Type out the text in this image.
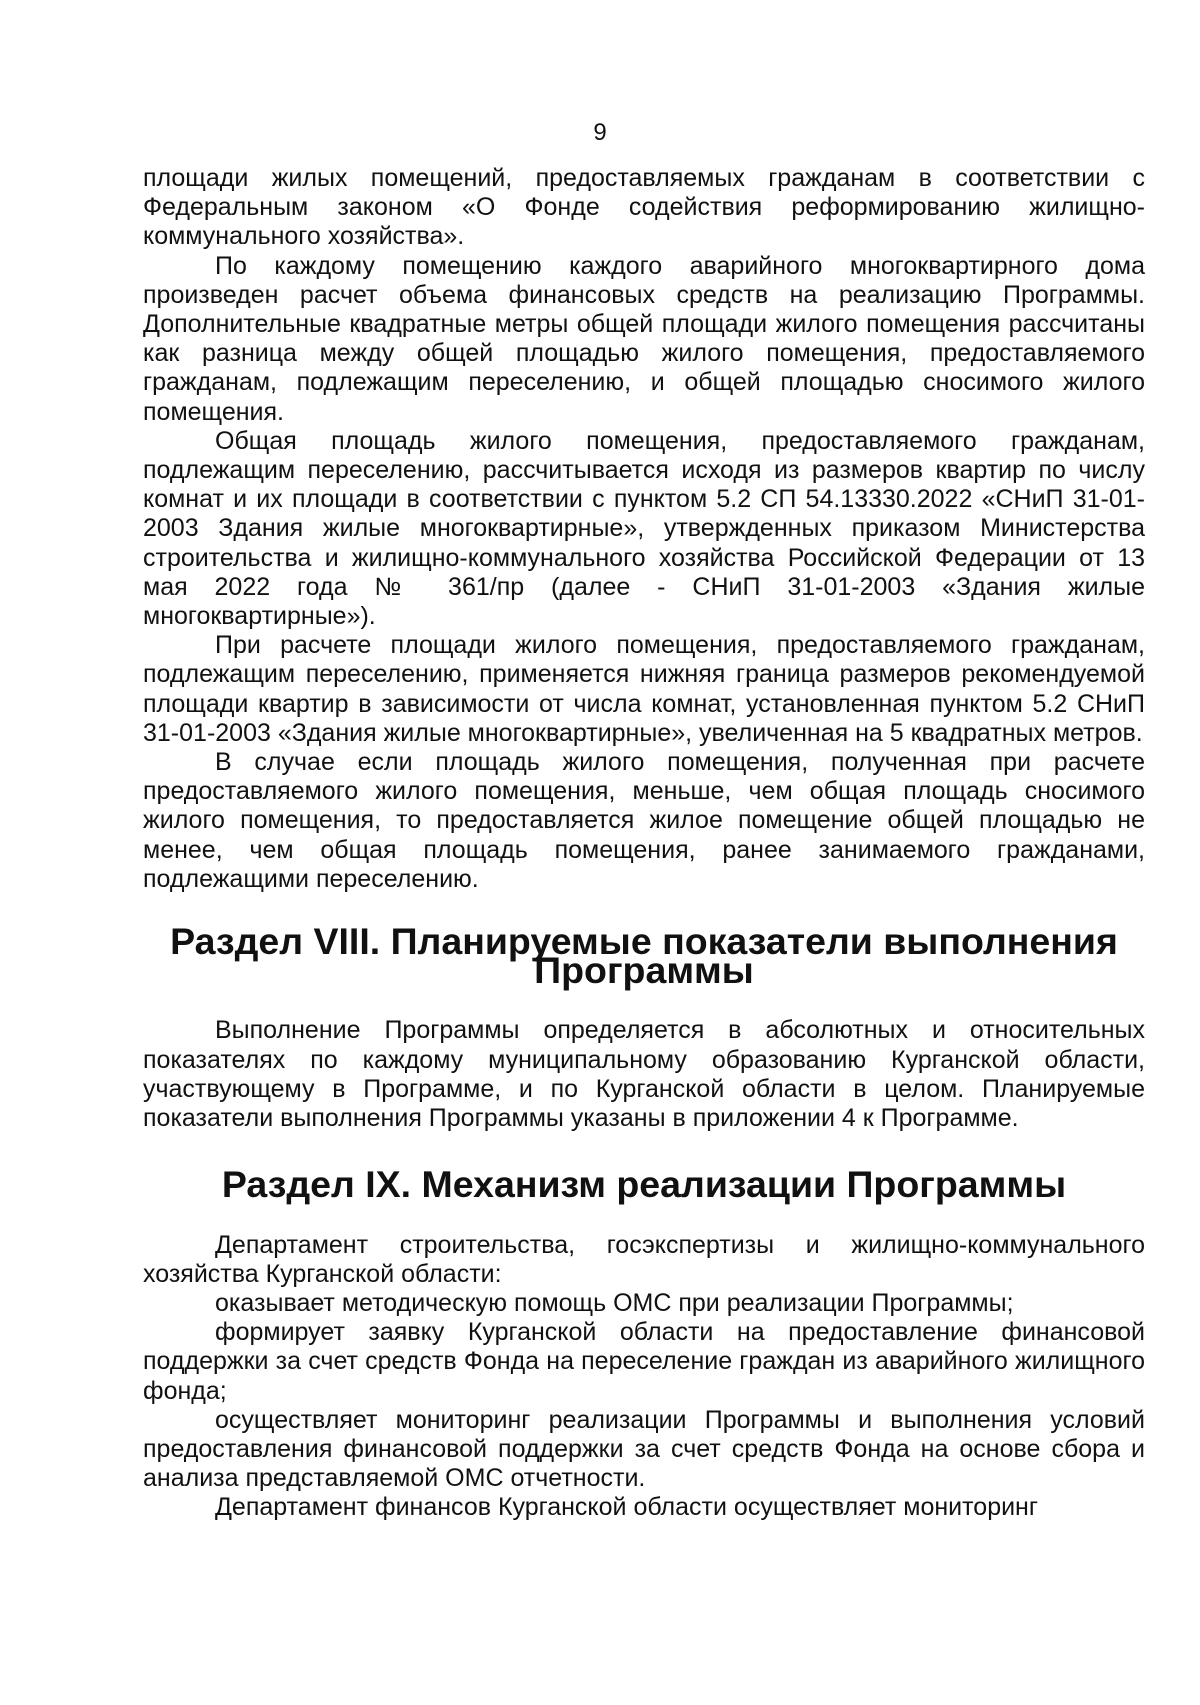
9

площади жилых помещений, предоставляемых гражданам в соответствии с Федеральным законом «О Фонде содействия реформированию жилищно-коммунального хозяйства».

По каждому помещению каждого аварийного многоквартирного дома произведен расчет объема финансовых средств на реализацию Программы. Дополнительные квадратные метры общей площади жилого помещения рассчитаны как разница между общей площадью жилого помещения, предоставляемого гражданам, подлежащим переселению, и общей площадью сносимого жилого помещения.

Общая площадь жилого помещения, предоставляемого гражданам, подлежащим переселению, рассчитывается исходя из размеров квартир по числу комнат и их площади в соответствии с пунктом 5.2 СП 54.13330.2022 «СНиП 31-01-2003 Здания жилые многоквартирные», утвержденных приказом Министерства строительства и жилищно-коммунального хозяйства Российской Федерации от 13 мая 2022 года № 361/пр (далее - СНиП 31-01-2003 «Здания жилые многоквартирные»).

При расчете площади жилого помещения, предоставляемого гражданам, подлежащим переселению, применяется нижняя граница размеров рекомендуемой площади квартир в зависимости от числа комнат, установленная пунктом 5.2 СНиП 31-01-2003 «Здания жилые многоквартирные», увеличенная на 5 квадратных метров.

В случае если площадь жилого помещения, полученная при расчете предоставляемого жилого помещения, меньше, чем общая площадь сносимого жилого помещения, то предоставляется жилое помещение общей площадью не менее, чем общая площадь помещения, ранее занимаемого гражданами, подлежащими переселению.

Раздел VIII. Планируемые показатели выполнения Программы

Выполнение Программы определяется в абсолютных и относительных показателях по каждому муниципальному образованию Курганской области, участвующему в Программе, и по Курганской области в целом. Планируемые показатели выполнения Программы указаны в приложении 4 к Программе.

Раздел IX. Механизм реализации Программы

Департамент строительства, госэкспертизы и жилищно-коммунального хозяйства Курганской области:

оказывает методическую помощь ОМС при реализации Программы;

формирует заявку Курганской области на предоставление финансовой поддержки за счет средств Фонда на переселение граждан из аварийного жилищного фонда;

осуществляет мониторинг реализации Программы и выполнения условий предоставления финансовой поддержки за счет средств Фонда на основе сбора и анализа представляемой ОМС отчетности.

Департамент финансов Курганской области осуществляет мониторинг
